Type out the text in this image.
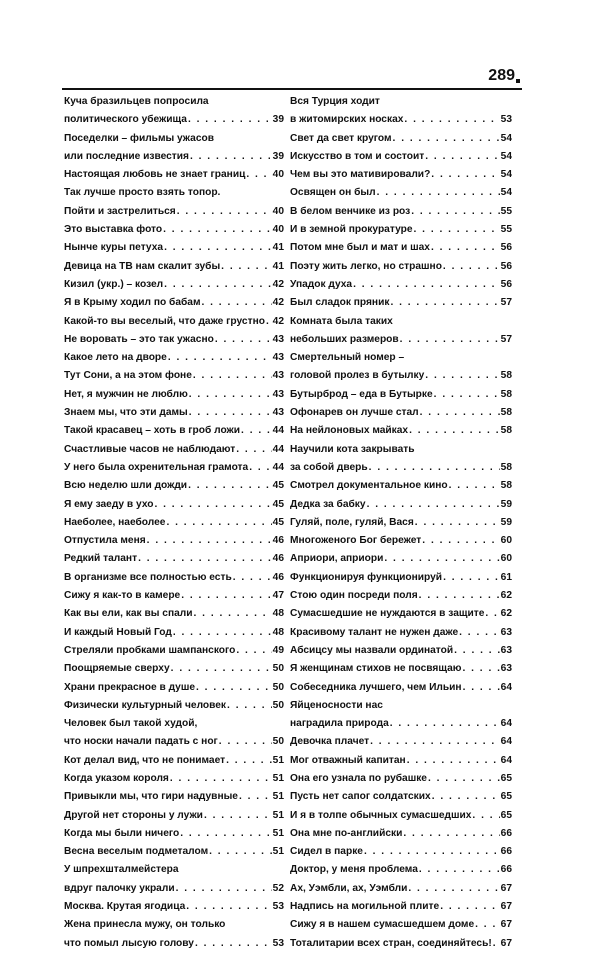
289
Куча бразильцев попросила
политического убежища . . .	39
Поседелки – фильмы ужасов
или последние известия . . .	39
Настоящая любовь не знает границ . . .	40
Так лучше просто взять топор.
Пойти и застрелиться . . .	40
Это выставка фото . . .	40
Нынче куры петуха . . .	41
Девица на ТВ нам скалит зубы . . .	41
Кизил (укр.) – козел . . .	42
Я в Крыму ходил по бабам . . .	42
Какой-то вы веселый, что даже грустно . . . 42
Не воровать – это так ужасно . . .	43
Какое лето на дворе . . .	43
Тут Сони, а на этом фоне . . .	43
Нет, я мужчин не люблю . . .	43
Знаем мы, что эти дамы . . .	43
Такой красавец – хоть в гроб ложи . . .	44
Счастливые часов не наблюдают . . .	44
У него была охренительная грамота . . . 44
Всю неделю шли дожди . . .	45
Я ему заеду в ухо . . .	45
Наеболее, наеболее . . .	45
Отпустила меня . . .	46
Редкий талант . . .	46
В организме все полностью есть . . .	46
Сижу я как-то в камере . . .	47
Как вы ели, как вы спали . . .	48
И каждый Новый Год . . .	48
Стреляли пробками шампанского . . .	49
Поощряемые сверху . . .	50
Храни прекрасное в душе . . .	50
Физически культурный человек . . .	50
Человек был такой худой,
что носки начали падать с ног . . .	50
Кот делал вид, что не понимает . . .	51
Когда указом короля . . .	51
Привыкли мы, что гири надувные . . .	51
Другой нет стороны у лужи . . .	51
Когда мы были ничего . . .	51
Весна веселым подметалом . . .	51
У шпрехшталмейстера
вдруг палочку украли . . .	52
Москва. Крутая ягодица . . .	53
Жена принесла мужу, он только
что помыл лысую голову . . .	53
Вся Турция ходит
в житомирских носках . . .	53
Свет да свет кругом . . .	54
Искусство в том и состоит . . .	54
Чем вы это мативировали? . . .	54
Освящен он был . . .	54
В белом венчике из роз . . .	55
И в земной прокуратуре . . .	55
Потом мне был и мат и шах . . .	56
Поэту жить легко, но страшно . . .	56
Упадок духа . . .	56
Был сладок пряник . . .	57
Комната была таких
небольших размеров . . .	57
Смертельный номер –
головой пролез в бутылку . . .	58
Бутырброд – еда в Бутырке . . .	58
Офонарев он лучше стал . . .	58
На нейлоновых майках . . .	58
Научили кота закрывать
за собой дверь . . .	58
Смотрел документальное кино . . .	58
Дедка за бабку . . .	59
Гуляй, поле, гуляй, Вася . . .	59
Многоженого Бог бережет . . .	60
Априори, априори . . .	60
Функционируя функционируй . . .	61
Стою один посреди поля . . .	62
Сумасшедшие не нуждаются в защите . . . 62
Красивому талант не нужен даже . . .	63
Абсицсу мы назвали ординатой . . .	63
Я женщинам стихов не посвящаю . . .	63
Собеседника лучшего, чем Ильин . . .	64
Яйценосности нас
наградила природа . . .	64
Девочка плачет . . .	64
Мог отважный капитан . . .	64
Она его узнала по рубашке . . .	65
Пусть нет сапог солдатских . . .	65
И я в толпе обычных сумасшедших . . .	65
Она мне по-английски . . .	66
Сидел в парке . . .	66
Доктор, у меня проблема . . .	66
Ах, Уэмбли, ах, Уэмбли . . .	67
Надпись на могильной плите . . .	67
Сижу я в нашем сумасшедшем доме . . .	67
Тоталитарии всех стран, соединяйтесь! . . . 67
